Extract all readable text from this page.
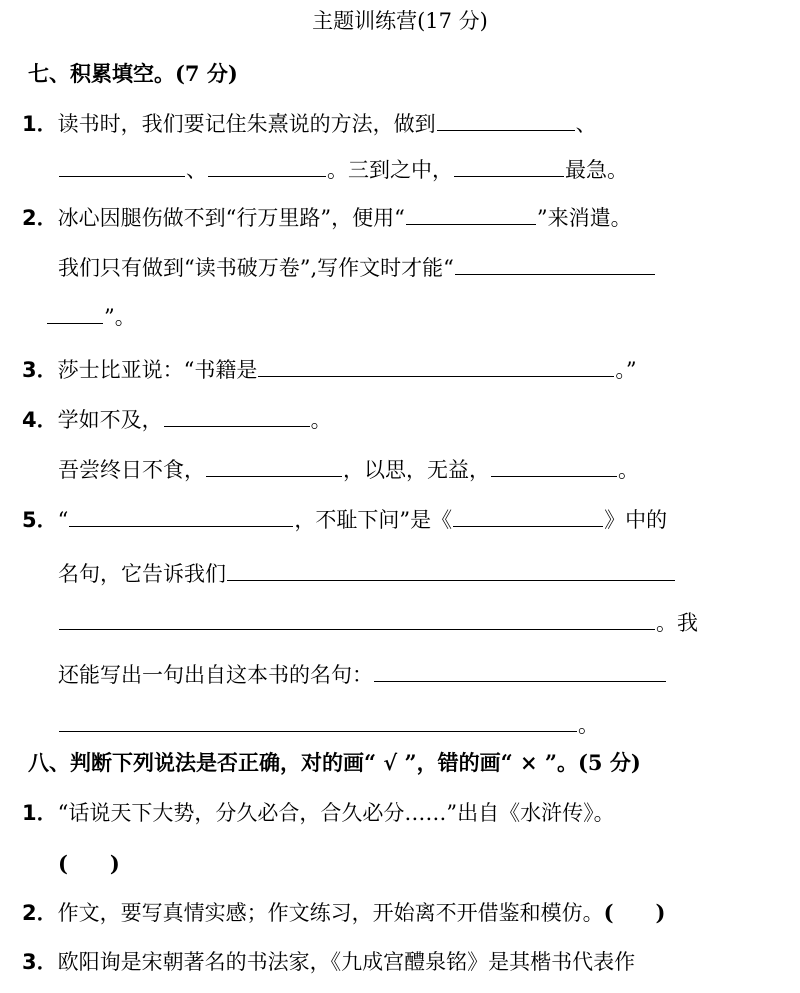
主题训练营(17 分)
七、积累填空。(7 分)
1．读书时，我们要记住朱熹说的方法，做到	、
、	。三到之中，	最急。
2．冰心因腿伤做不到“行万里路”，便用“	”来消遣。
我们只有做到“读书破万卷”,写作文时才能“
”。
3．莎士比亚说：“书籍是	。”
4．学如不及，	。
吾尝终日不食，	，以思，无益，	。
5．“	，不耻下问”是《	》中的
名句，它告诉我们
。我
还能写出一句出自这本书的名句：
。
八、判断下列说法是否正确，对的画“ √ ”，错的画“ × ”。(5 分)
1．“话说天下大势，分久必合，合久必分……”出自《水浒传》。
(　　)
2．作文，要写真情实感；作文练习，开始离不开借鉴和模仿。(　　)
3．欧阳询是宋朝著名的书法家，《九成宫醴泉铭》是其楷书代表作
